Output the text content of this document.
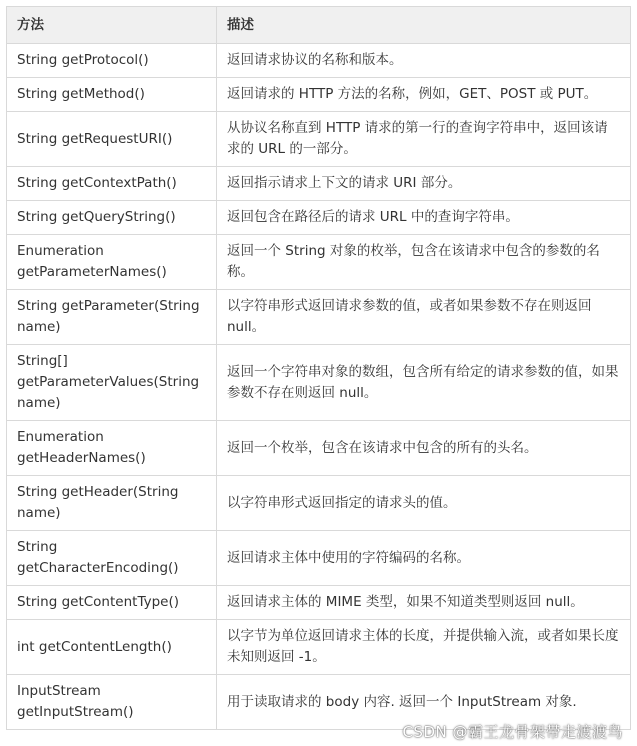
方法	描述
String getProtocol()	返回请求协议的名称和版本。
String getMethod()	返回请求的 HTTP 方法的名称，例如，GET、POST 或 PUT。
String getRequestURI()	从协议名称直到 HTTP 请求的第一行的查询字符串中，返回该请求的 URL 的一部分。
String getContextPath()	返回指示请求上下文的请求 URI 部分。
String getQueryString()	返回包含在路径后的请求 URL 中的查询字符串。
Enumeration getParameterNames()	返回一个 String 对象的枚举，包含在该请求中包含的参数的名称。
String getParameter(String name)	以字符串形式返回请求参数的值，或者如果参数不存在则返回 null。
String[] getParameterValues(String name)	返回一个字符串对象的数组，包含所有给定的请求参数的值，如果参数不存在则返回 null。
Enumeration getHeaderNames()	返回一个枚举，包含在该请求中包含的所有的头名。
String getHeader(String name)	以字符串形式返回指定的请求头的值。
String getCharacterEncoding()	返回请求主体中使用的字符编码的名称。
String getContentType()	返回请求主体的 MIME 类型，如果不知道类型则返回 null。
int getContentLength()	以字节为单位返回请求主体的长度，并提供输入流，或者如果长度未知则返回 -1。
InputStream getInputStream()	用于读取请求的 body 内容. 返回一个 InputStream 对象.
CSDN @霸王龙骨架带走渡渡鸟
